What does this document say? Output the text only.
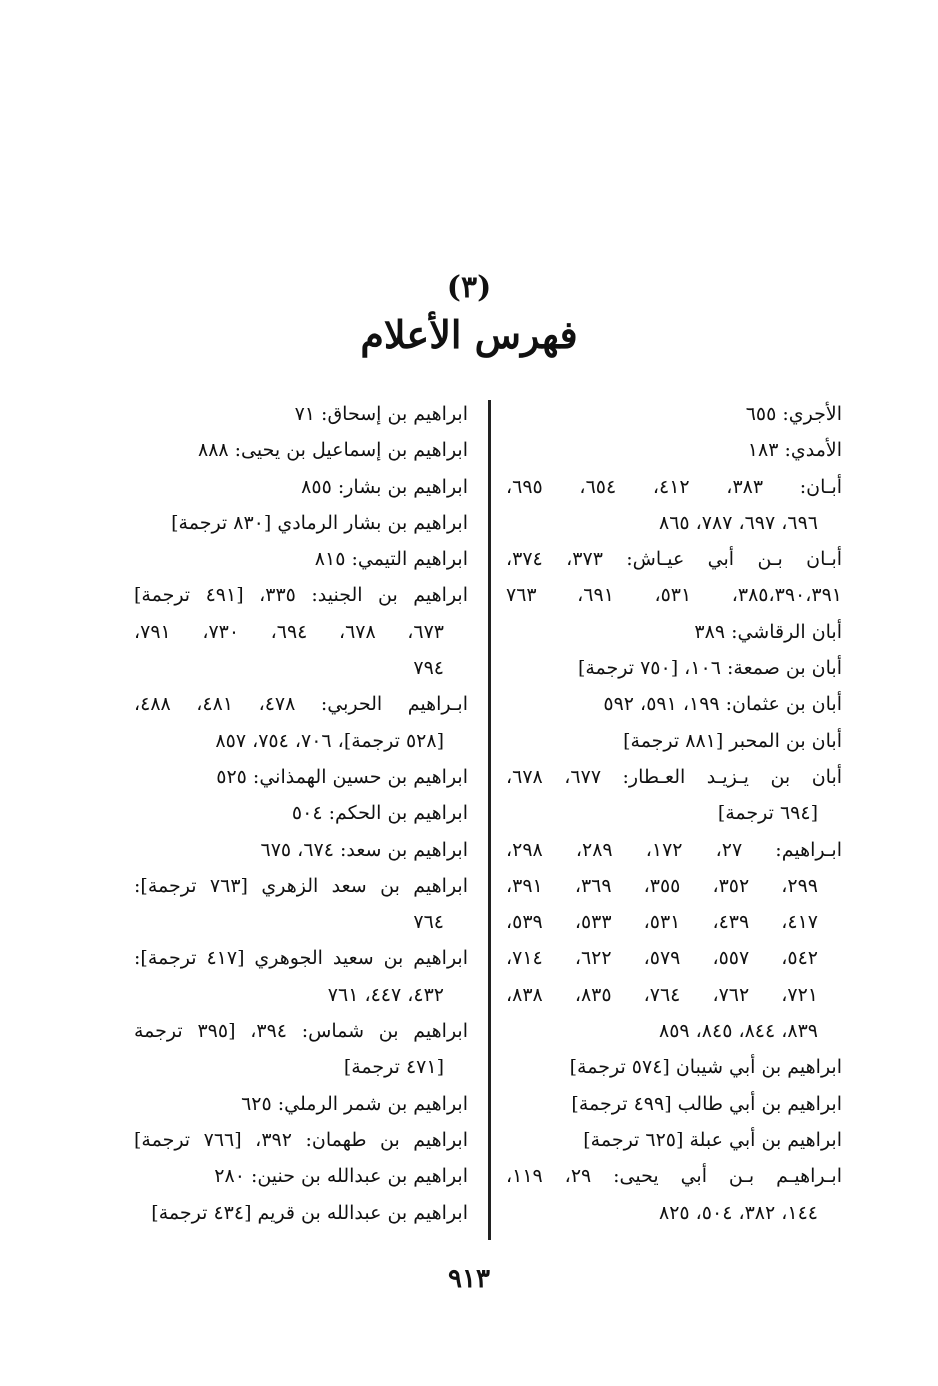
(٣)
فهرس الأعلام
الأجري: ٦٥٥
الأمدي: ١٨٣
أبـان: ٣٨٣، ٤١٢، ٦٥٤، ٦٩٥،
٦٩٦، ٦٩٧، ٧٨٧، ٨٦٥
أبـان بـن أبي عيـاش: ٣٧٣، ٣٧٤،
٣٨٥،٣٩٠،٣٩١، ٥٣١، ٦٩١، ٧٦٣
أبان الرقاشي: ٣٨٩
أبان بن صمعة: ١٠٦، [٧٥٠ ترجمة]
أبان بن عثمان: ١٩٩، ٥٩١، ٥٩٢
أبان بن المحبر [٨٨١ ترجمة]
أبان بن يـزيـد العـطار: ٦٧٧، ٦٧٨،
[٦٩٤ ترجمة]
ابـراهيم: ٢٧، ١٧٢، ٢٨٩، ٢٩٨،
٢٩٩، ٣٥٢، ٣٥٥، ٣٦٩، ٣٩١،
٤١٧، ٤٣٩، ٥٣١، ٥٣٣، ٥٣٩،
٥٤٢، ٥٥٧، ٥٧٩، ٦٢٢، ٧١٤،
٧٢١، ٧٦٢، ٧٦٤، ٨٣٥، ٨٣٨،
٨٣٩، ٨٤٤، ٨٤٥، ٨٥٩
ابراهيم بن أبي شيبان [٥٧٤ ترجمة]
ابراهيم بن أبي طالب [٤٩٩ ترجمة]
ابراهيم بن أبي عبلة [٦٢٥ ترجمة]
ابـراهيـم بـن أبي يحيى: ٢٩، ١١٩،
١٤٤، ٣٨٢، ٥٠٤، ٨٢٥
ابراهيم بن إسحاق: ٧١
ابراهيم بن إسماعيل بن يحيى: ٨٨٨
ابراهيم بن بشار: ٨٥٥
ابراهيم بن بشار الرمادي [٨٣٠ ترجمة]
ابراهيم التيمي: ٨١٥
ابراهيم بن الجنيد: ٣٣٥، [٤٩١ ترجمة]
٦٧٣، ٦٧٨، ٦٩٤، ٧٣٠، ٧٩١،
٧٩٤
ابـراهيم الحربي: ٤٧٨، ٤٨١، ٤٨٨،
[٥٢٨ ترجمة]، ٧٠٦، ٧٥٤، ٨٥٧
ابراهيم بن حسين الهمذاني: ٥٢٥
ابراهيم بن الحكم: ٥٠٤
ابراهيم بن سعد: ٦٧٤، ٦٧٥
ابراهيم بن سعد الزهري [٧٦٣ ترجمة]:
٧٦٤
ابراهيم بن سعيد الجوهري [٤١٧ ترجمة]:
٤٣٢، ٤٤٧، ٧٦١
ابراهيم بن شماس: ٣٩٤، [٣٩٥ ترجمة
[٤٧١ ترجمة]
ابراهيم بن شمر الرملي: ٦٢٥
ابراهيم بن طهمان: ٣٩٢، [٧٦٦ ترجمة]
ابراهيم بن عبدالله بن حنين: ٢٨٠
ابراهيم بن عبدالله بن قريم [٤٣٤ ترجمة]
٩١٣
